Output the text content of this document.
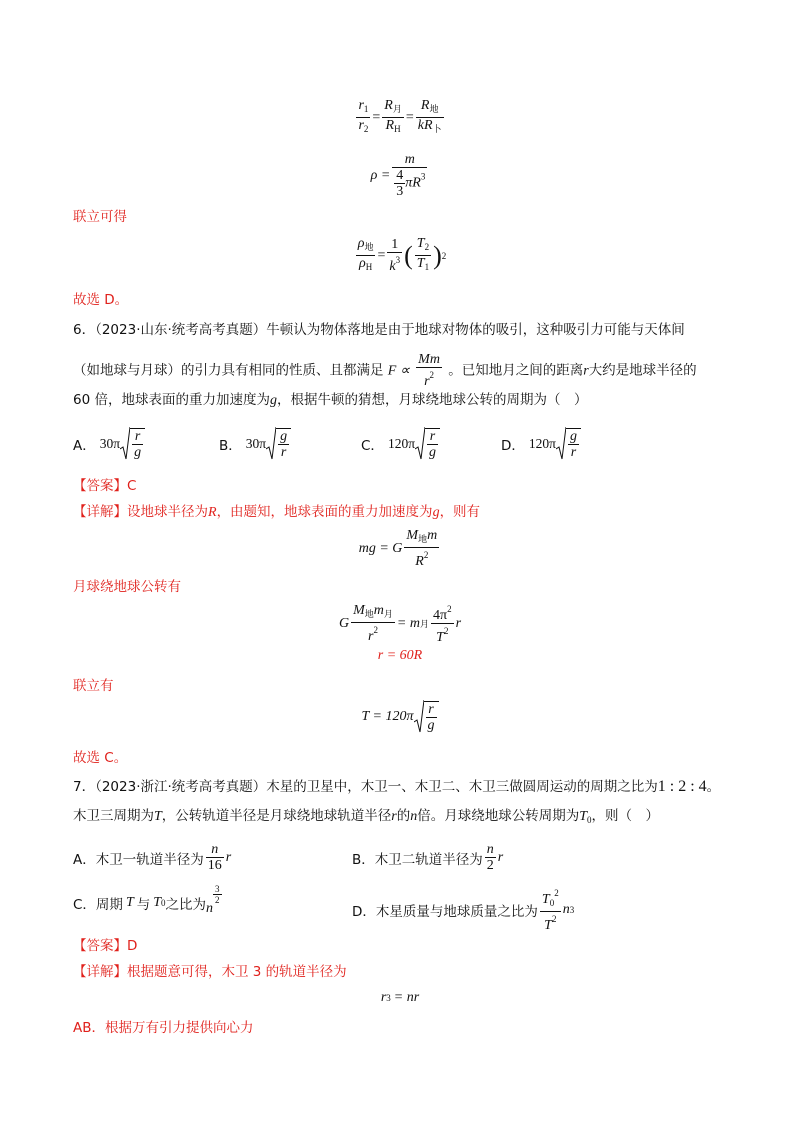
$\frac{r_1}{r_2} = \frac{R_月}{R_H} = \frac{R_地}{kR_卜}$
$\rho = \frac{m}{\frac{4}{3} \pi R^3}$
联立可得
$\frac{\rho_地}{\rho_H} = \frac{1}{k^3}$ ( $\frac{T_2}{T_1}$ ) 2
故选 D。
6．（2023·山东·统考高考真题）牛顿认为物体落地是由于地球对物体的吸引，这种吸引力可能与天体间
（如地球与月球）的引力具有相同的性质、且都满足 $F \propto \frac{Mm}{r^2}$ 。已知地月之间的距离r大约是地球半径的
60 倍，地球表面的重力加速度为g，根据牛顿的猜想，月球绕地球公转的周期为（　）
A． $30\pi \frac{r}{g}$	B． $30\pi \frac{g}{r}$	C． $120\pi \frac{r}{g}$	D． $120\pi \frac{g}{r}$
【答案】C
【详解】设地球半径为R，由题知，地球表面的重力加速度为g，则有
mg = G $\frac{M_地m}{R^2}$
月球绕地球公转有
G $\frac{M_地m_月}{r^2} = m$ 月 $\frac{4\pi^2}{T^2}$ r
r = 60R
联立有
$T = 120\pi \frac{r}{g}$
故选 C。
7．（2023·浙江·统考高考真题）木星的卫星中，木卫一、木卫二、木卫三做圆周运动的周期之比为1 : 2 : 4。
木卫三周期为T，公转轨道半径是月球绕地球轨道半径r的n倍。月球绕地球公转周期为$T_0$，则（　）
A．木卫一轨道半径为 $\frac{n}{16}$ r	B．木卫二轨道半径为 $\frac{n}{2}$ r
C．周期 T 与 T 0 之比为 n
$\frac{3}{2}$
D．木星质量与地球质量之比为 $\frac{T_0^2}{T^2}$ n 3
【答案】D
【详解】根据题意可得，木卫 3 的轨道半径为
r 3 = nr
AB．根据万有引力提供向心力
